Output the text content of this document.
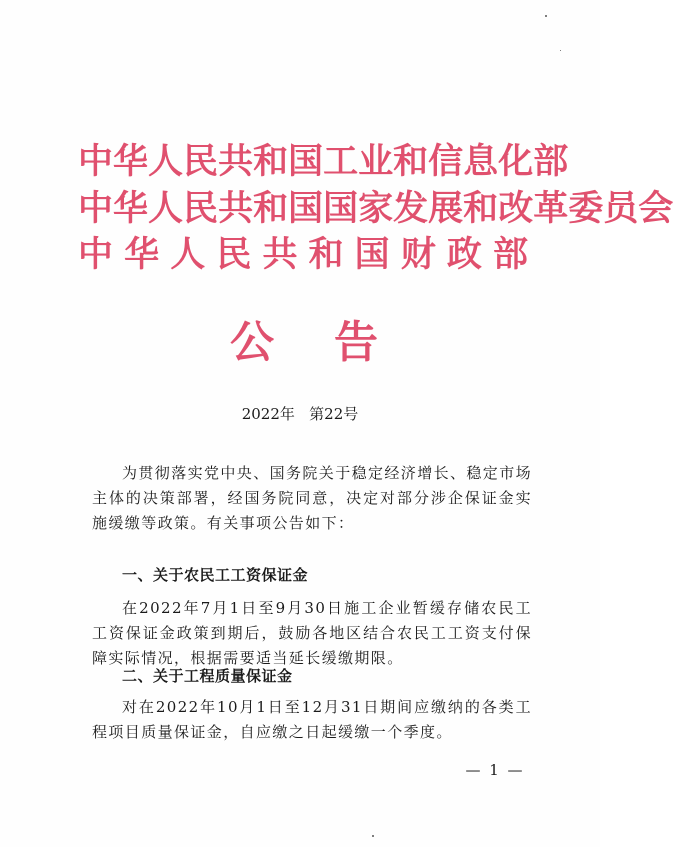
中 华 人 民 共 和 国 工 业 和 信 息 化 部
中 华 人 民 共 和 国 国 家 发 展 和 改 革 委 员 会
中 华 人 民 共 和 国 财 政 部
公 告
2022年   第22号
为贯彻落实党中央、国务院关于稳定经济增长、稳定市场主体的决策部署，经国务院同意，决定对部分涉企保证金实施缓缴等政策。有关事项公告如下：
一、关于农民工工资保证金
在2022年7月1日至9月30日施工企业暂缓存储农民工工资保证金政策到期后，鼓励各地区结合农民工工资支付保障实际情况，根据需要适当延长缓缴期限。
二、关于工程质量保证金
对在2022年10月1日至12月31日期间应缴纳的各类工程项目质量保证金，自应缴之日起缓缴一个季度。
— 1 —
